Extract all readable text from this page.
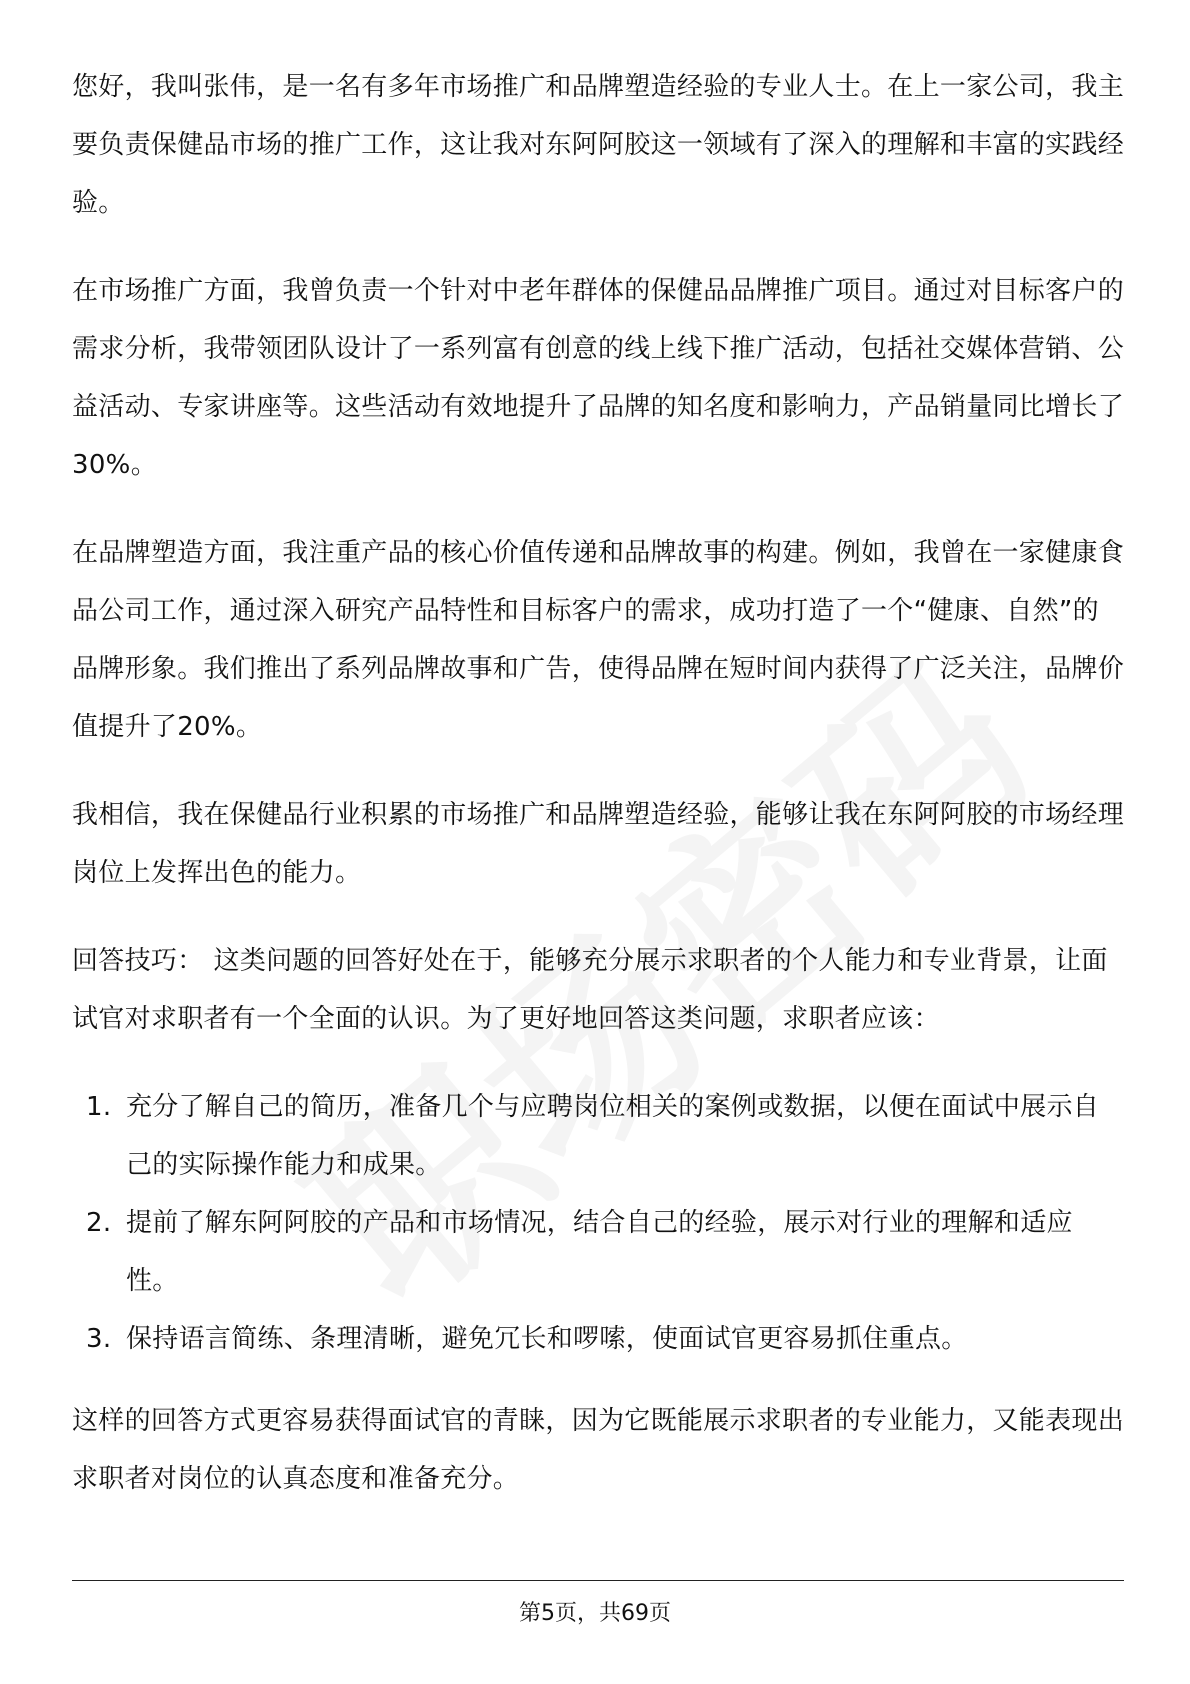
您好，我叫张伟，是一名有多年市场推广和品牌塑造经验的专业人士。在上一家公司，我主要负责保健品市场的推广工作，这让我对东阿阿胶这一领域有了深入的理解和丰富的实践经验。

在市场推广方面，我曾负责一个针对中老年群体的保健品品牌推广项目。通过对目标客户的需求分析，我带领团队设计了一系列富有创意的线上线下推广活动，包括社交媒体营销、公益活动、专家讲座等。这些活动有效地提升了品牌的知名度和影响力，产品销量同比增长了30%。

在品牌塑造方面，我注重产品的核心价值传递和品牌故事的构建。例如，我曾在一家健康食品公司工作，通过深入研究产品特性和目标客户的需求，成功打造了一个“健康、自然”的品牌形象。我们推出了系列品牌故事和广告，使得品牌在短时间内获得了广泛关注，品牌价值提升了20%。

我相信，我在保健品行业积累的市场推广和品牌塑造经验，能够让我在东阿阿胶的市场经理岗位上发挥出色的能力。

回答技巧： 这类问题的回答好处在于，能够充分展示求职者的个人能力和专业背景，让面试官对求职者有一个全面的认识。为了更好地回答这类问题，求职者应该：

1. 充分了解自己的简历，准备几个与应聘岗位相关的案例或数据，以便在面试中展示自己的实际操作能力和成果。
2. 提前了解东阿阿胶的产品和市场情况，结合自己的经验，展示对行业的理解和适应性。
3. 保持语言简练、条理清晰，避免冗长和啰嗦，使面试官更容易抓住重点。

这样的回答方式更容易获得面试官的青睐，因为它既能展示求职者的专业能力，又能表现出求职者对岗位的认真态度和准备充分。

第5页，共69页
